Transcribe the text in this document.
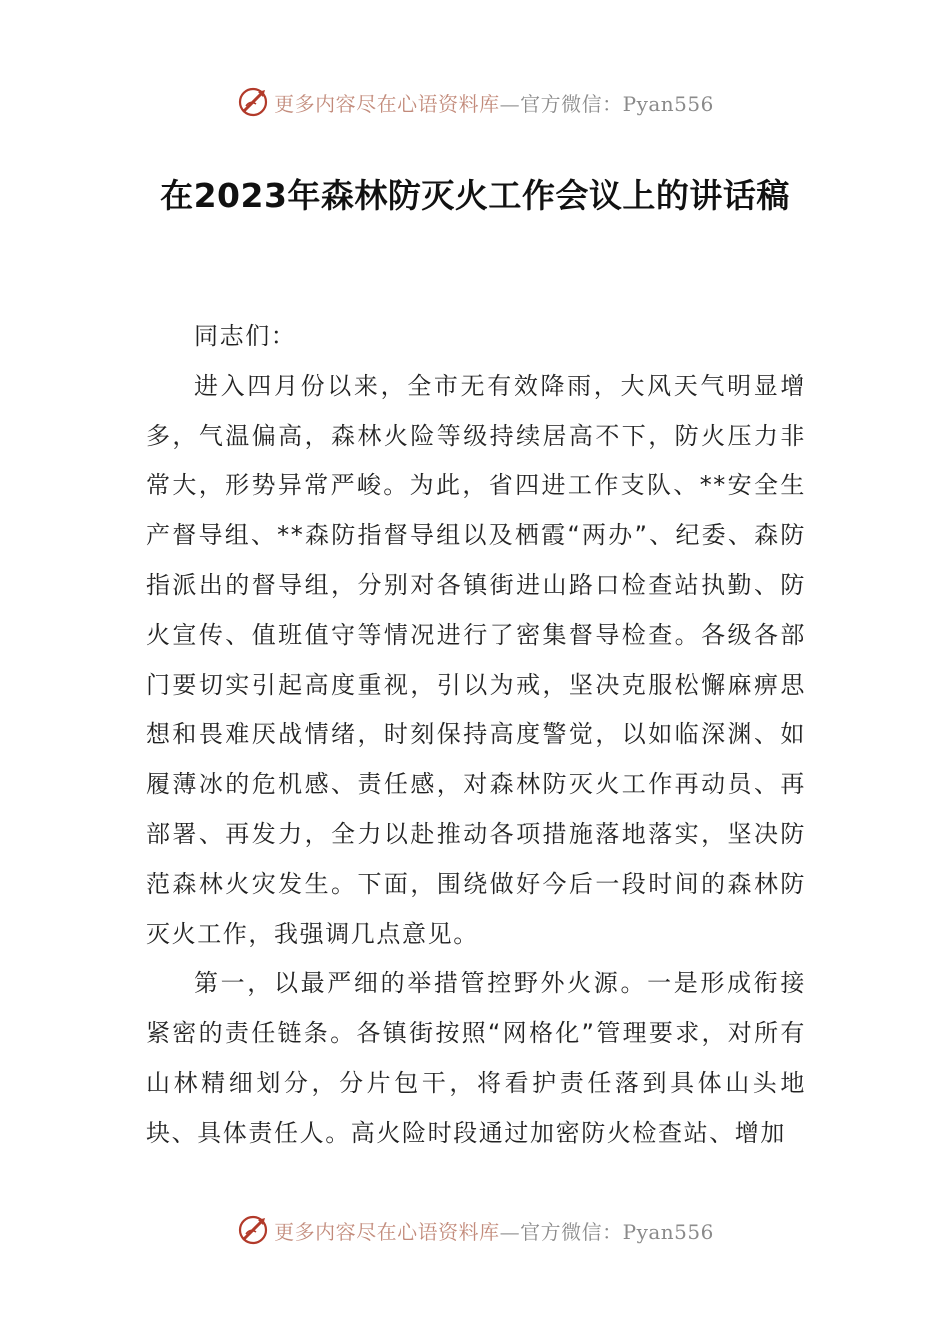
更多内容尽在心语资料库—官方微信：Pyan556
在2023年森林防灭火工作会议上的讲话稿

同志们：

进入四月份以来，全市无有效降雨，大风天气明显增多，气温偏高，森林火险等级持续居高不下，防火压力非常大，形势异常严峻。为此，省四进工作支队、**安全生产督导组、**森防指督导组以及栖霞“两办”、纪委、森防指派出的督导组，分别对各镇街进山路口检查站执勤、防火宣传、值班值守等情况进行了密集督导检查。各级各部门要切实引起高度重视，引以为戒，坚决克服松懈麻痹思想和畏难厌战情绪，时刻保持高度警觉，以如临深渊、如履薄冰的危机感、责任感，对森林防灭火工作再动员、再部署、再发力，全力以赴推动各项措施落地落实，坚决防范森林火灾发生。下面，围绕做好今后一段时间的森林防灭火工作，我强调几点意见。

第一，以最严细的举措管控野外火源。一是形成衔接紧密的责任链条。各镇街按照“网格化”管理要求，对所有山林精细划分，分片包干，将看护责任落到具体山头地块、具体责任人。高火险时段通过加密防火检查站、增加

更多内容尽在心语资料库—官方微信：Pyan556
